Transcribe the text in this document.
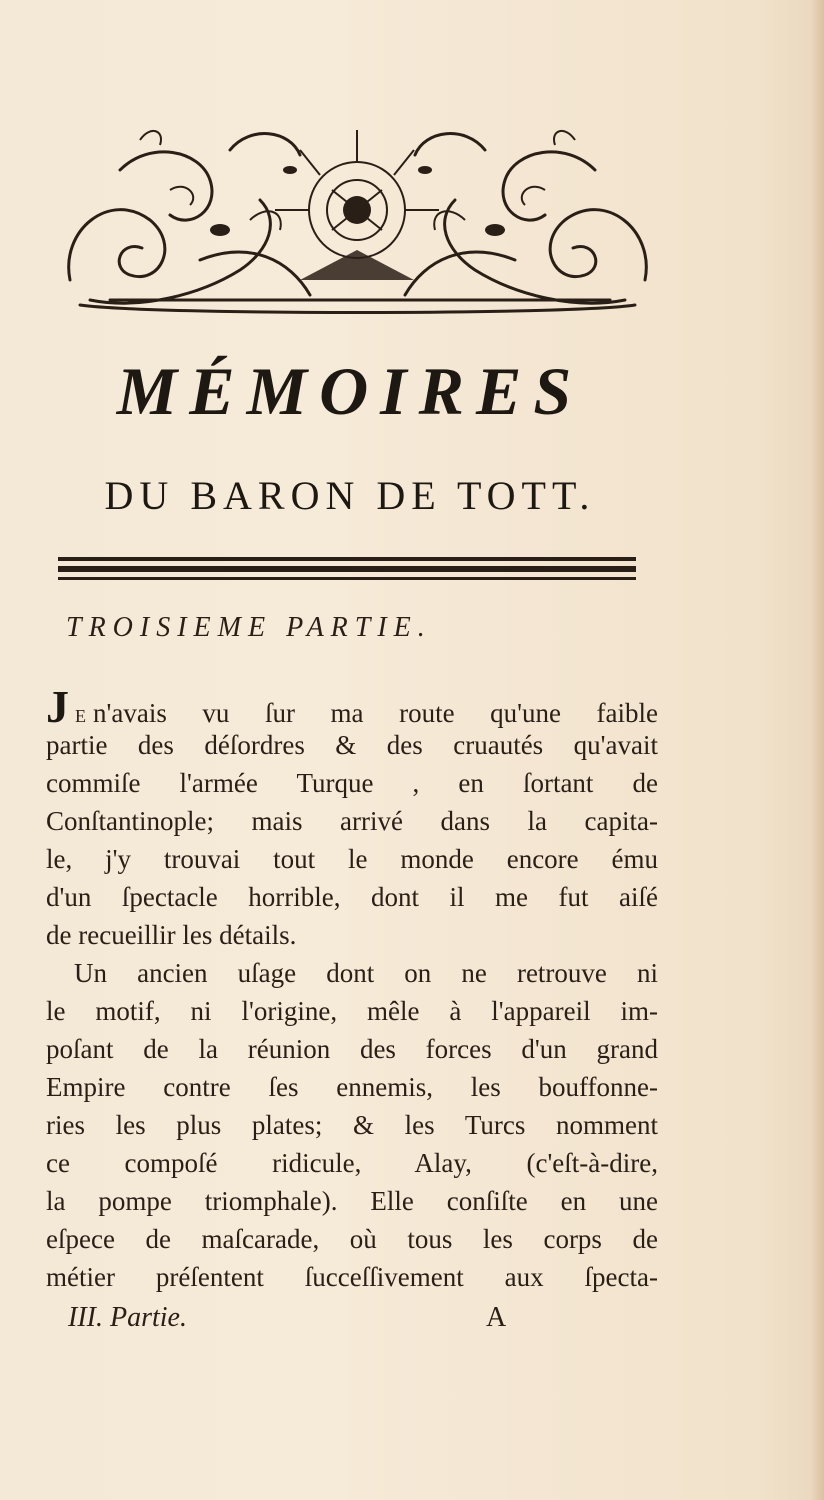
MÉMOIRES
DU BARON DE TOTT.
TROISIEME PARTIE.
J E n'avais vu ſur ma route qu'une faible
partie des déſordres & des cruautés qu'avait
commiſe l'armée Turque , en ſortant de
Conſtantinople; mais arrivé dans la capita-
le, j'y trouvai tout le monde encore ému
d'un ſpectacle horrible, dont il me fut aiſé
de recueillir les détails.
Un ancien uſage dont on ne retrouve ni
le motif, ni l'origine, mêle à l'appareil im-
poſant de la réunion des forces d'un grand
Empire contre ſes ennemis, les bouffonne-
ries les plus plates; & les Turcs nomment
ce compoſé ridicule, Alay, (c'eſt-à-dire,
la pompe triomphale). Elle conſiſte en une
eſpece de maſcarade, où tous les corps de
métier préſentent ſucceſſivement aux ſpecta-
III. Partie.	A
